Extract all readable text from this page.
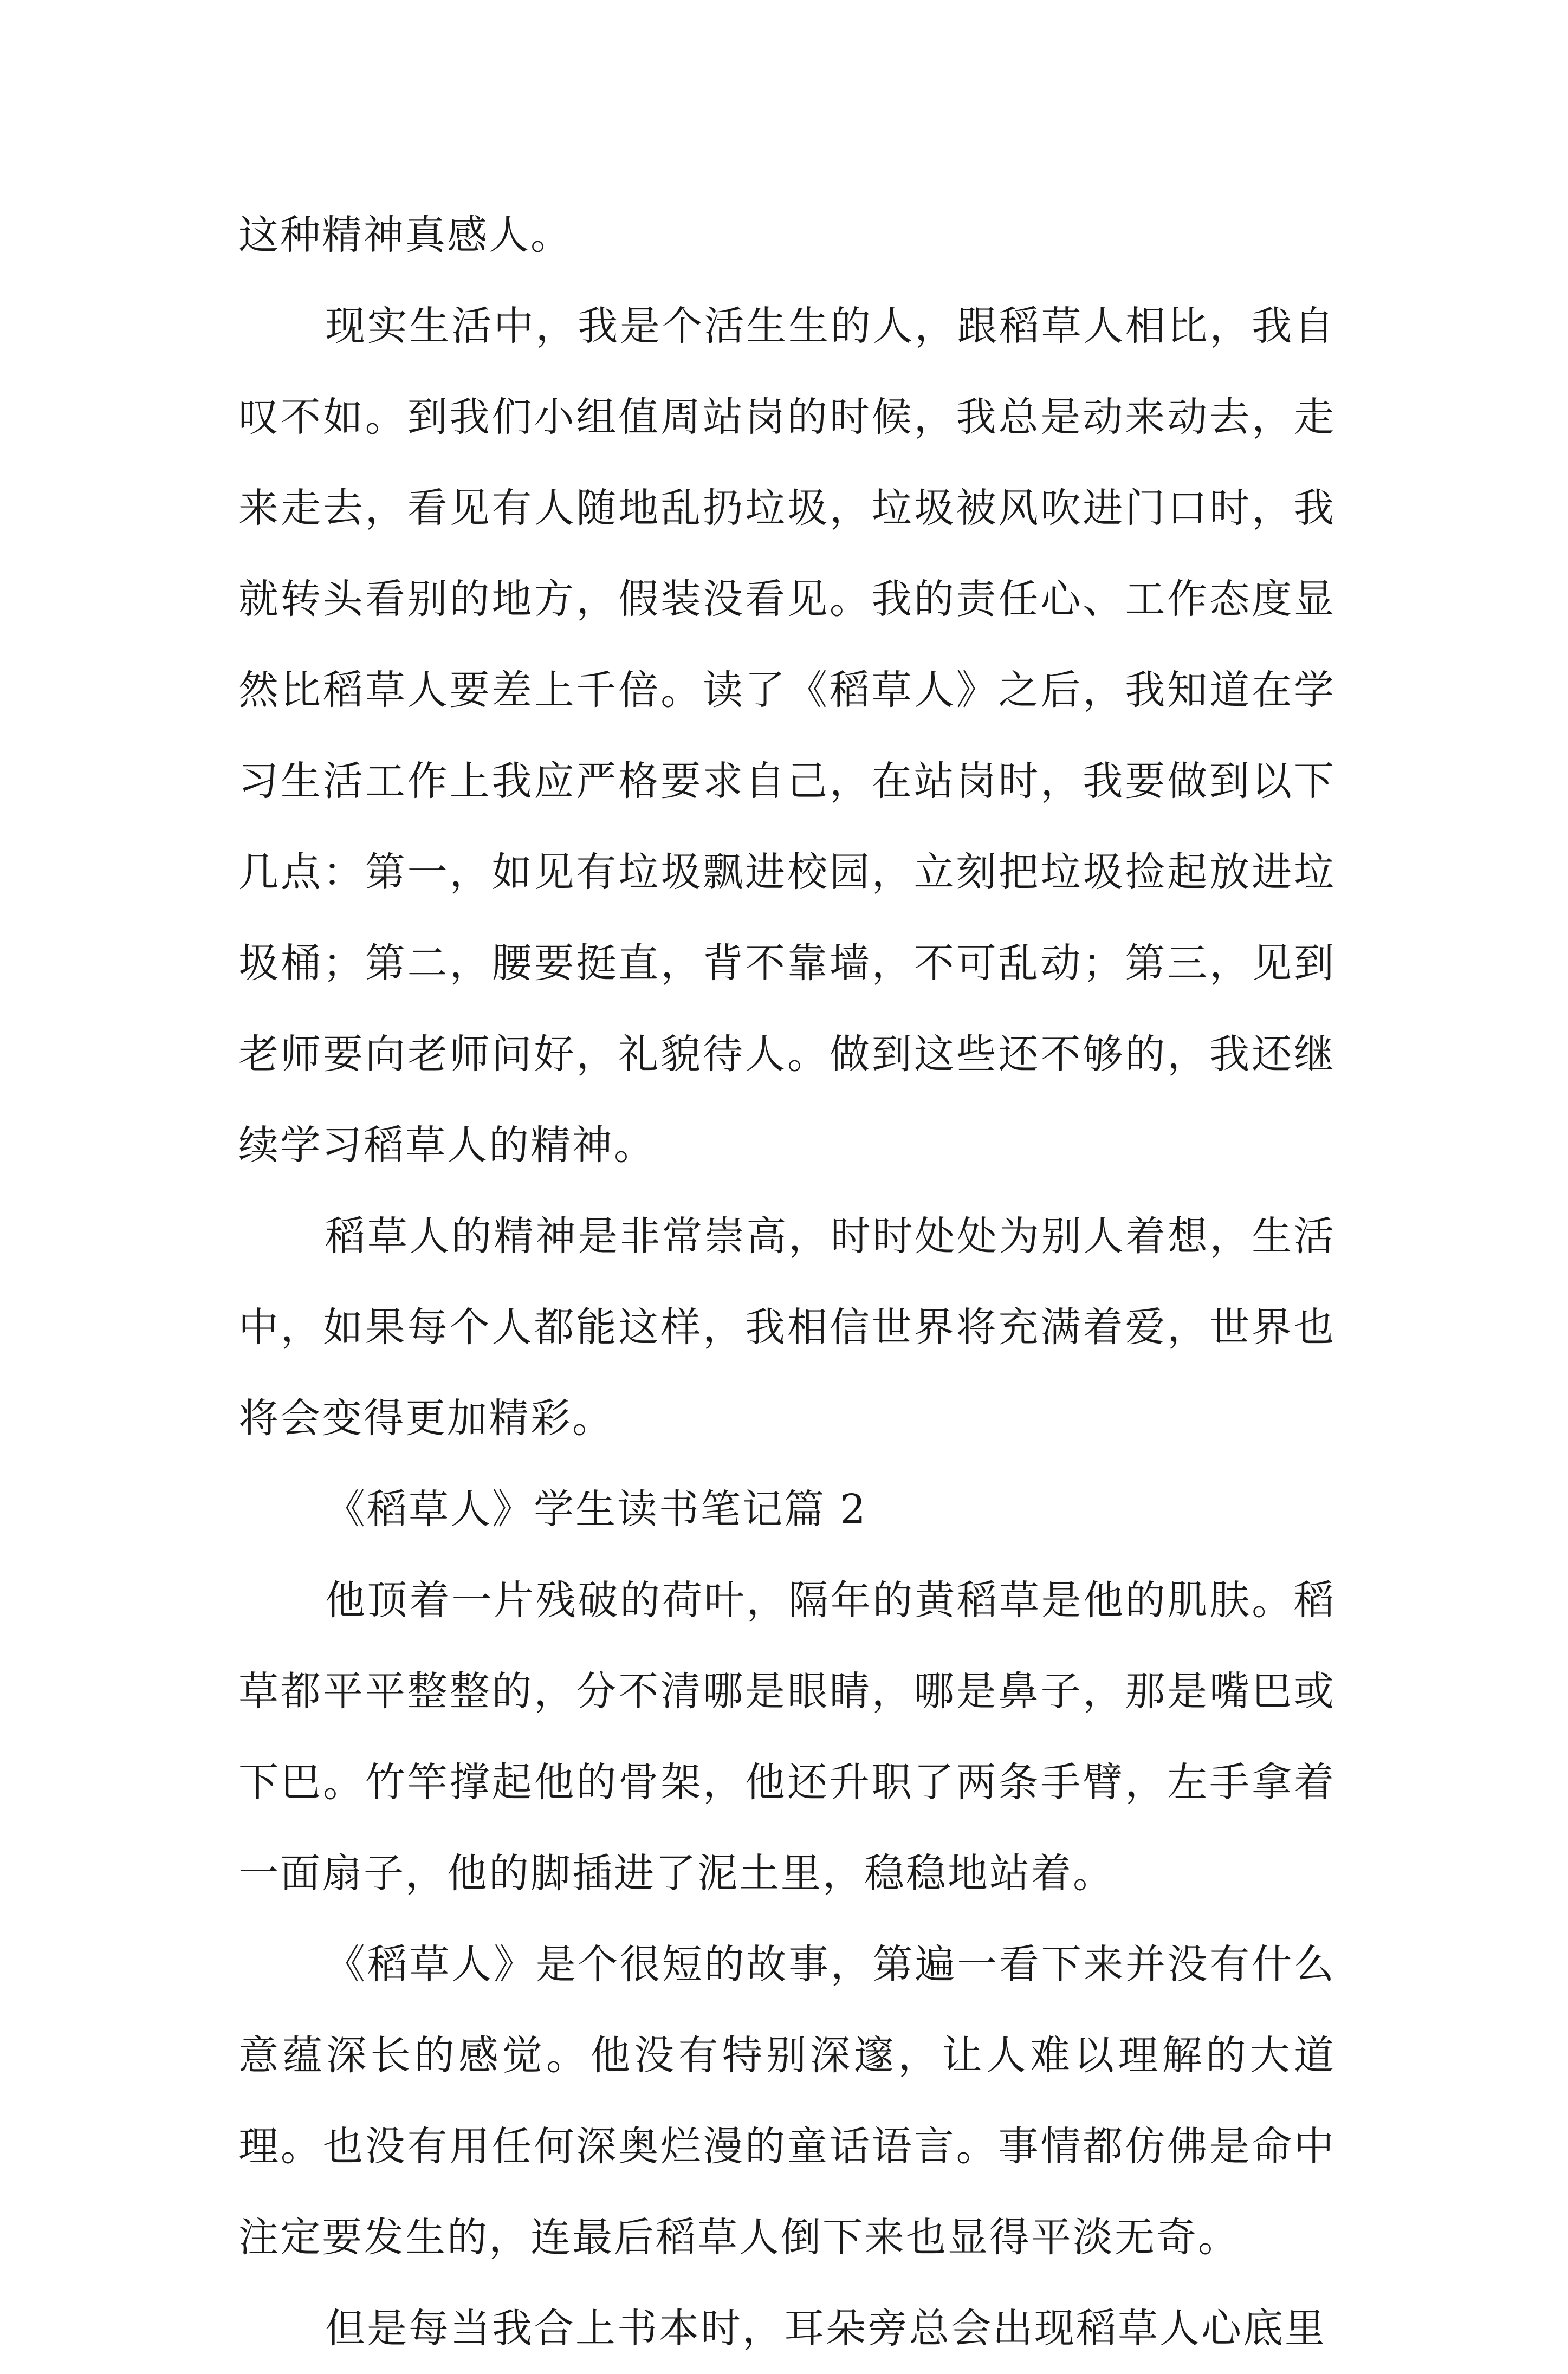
这种精神真感人。

现实生活中，我是个活生生的人，跟稻草人相比，我自叹不如。到我们小组值周站岗的时候，我总是动来动去，走来走去，看见有人随地乱扔垃圾，垃圾被风吹进门口时，我就转头看别的地方，假装没看见。我的责任心、工作态度显然比稻草人要差上千倍。读了《稻草人》之后，我知道在学习生活工作上我应严格要求自己，在站岗时，我要做到以下几点：第一，如见有垃圾飘进校园，立刻把垃圾捡起放进垃圾桶；第二，腰要挺直，背不靠墙，不可乱动；第三，见到老师要向老师问好，礼貌待人。做到这些还不够的，我还继续学习稻草人的精神。

稻草人的精神是非常崇高，时时处处为别人着想，生活中，如果每个人都能这样，我相信世界将充满着爱，世界也将会变得更加精彩。

《稻草人》学生读书笔记篇 2

他顶着一片残破的荷叶，隔年的黄稻草是他的肌肤。稻草都平平整整的，分不清哪是眼睛，哪是鼻子，那是嘴巴或下巴。竹竿撑起他的骨架，他还升职了两条手臂，左手拿着一面扇子，他的脚插进了泥土里，稳稳地站着。

《稻草人》是个很短的故事，第遍一看下来并没有什么意蕴深长的感觉。他没有特别深邃，让人难以理解的大道理。也没有用任何深奥烂漫的童话语言。事情都仿佛是命中注定要发生的，连最后稻草人倒下来也显得平淡无奇。

但是每当我合上书本时，耳朵旁总会出现稻草人心底里
